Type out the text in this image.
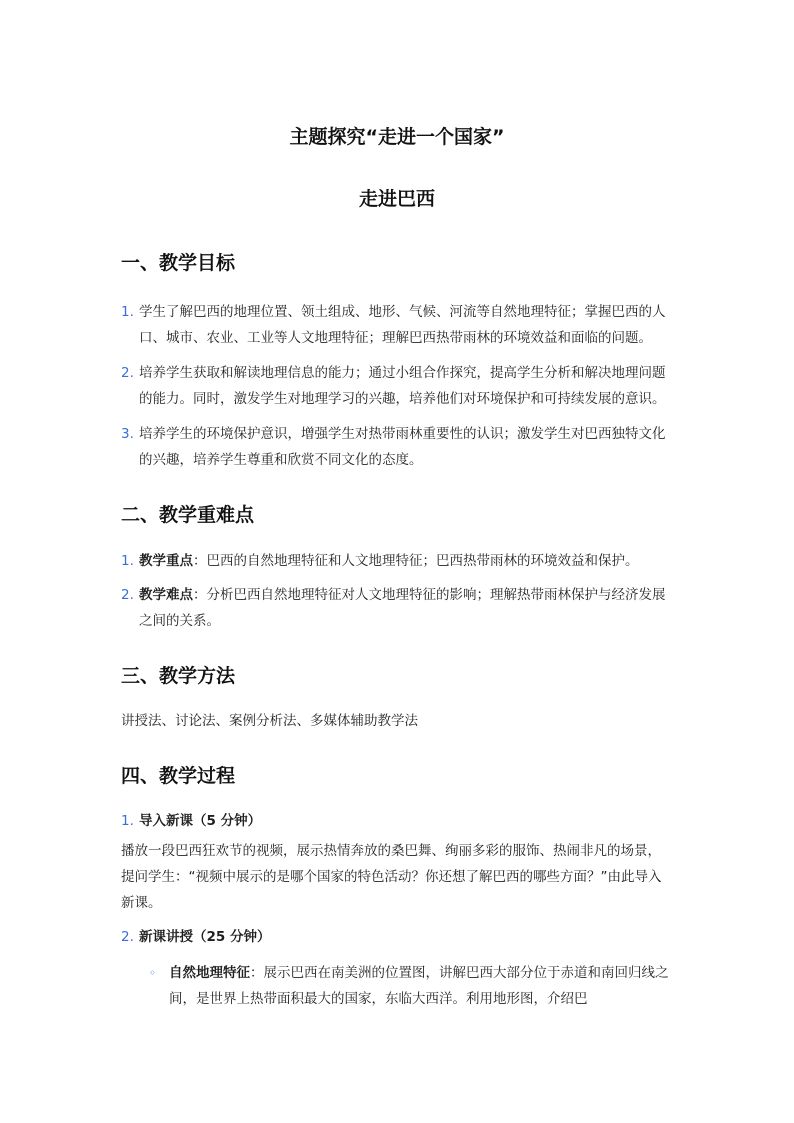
主题探究“走进一个国家”
走进巴西
一、教学目标
1. 学生了解巴西的地理位置、领土组成、地形、气候、河流等自然地理特征；掌握巴西的人口、城市、农业、工业等人文地理特征；理解巴西热带雨林的环境效益和面临的问题。
2. 培养学生获取和解读地理信息的能力；通过小组合作探究，提高学生分析和解决地理问题的能力。同时，激发学生对地理学习的兴趣，培养他们对环境保护和可持续发展的意识。
3. 培养学生的环境保护意识，增强学生对热带雨林重要性的认识；激发学生对巴西独特文化的兴趣，培养学生尊重和欣赏不同文化的态度。
二、教学重难点
1. 教学重点：巴西的自然地理特征和人文地理特征；巴西热带雨林的环境效益和保护。
2. 教学难点：分析巴西自然地理特征对人文地理特征的影响；理解热带雨林保护与经济发展之间的关系。
三、教学方法

讲授法、讨论法、案例分析法、多媒体辅助教学法

四、教学过程
1. 导入新课（5 分钟）

播放一段巴西狂欢节的视频，展示热情奔放的桑巴舞、绚丽多彩的服饰、热闹非凡的场景，提问学生：“视频中展示的是哪个国家的特色活动？你还想了解巴西的哪些方面？”由此导入新课。

2. 新课讲授（25 分钟）
◦ 自然地理特征：展示巴西在南美洲的位置图，讲解巴西大部分位于赤道和南回归线之间，是世界上热带面积最大的国家，东临大西洋。利用地形图，介绍巴
